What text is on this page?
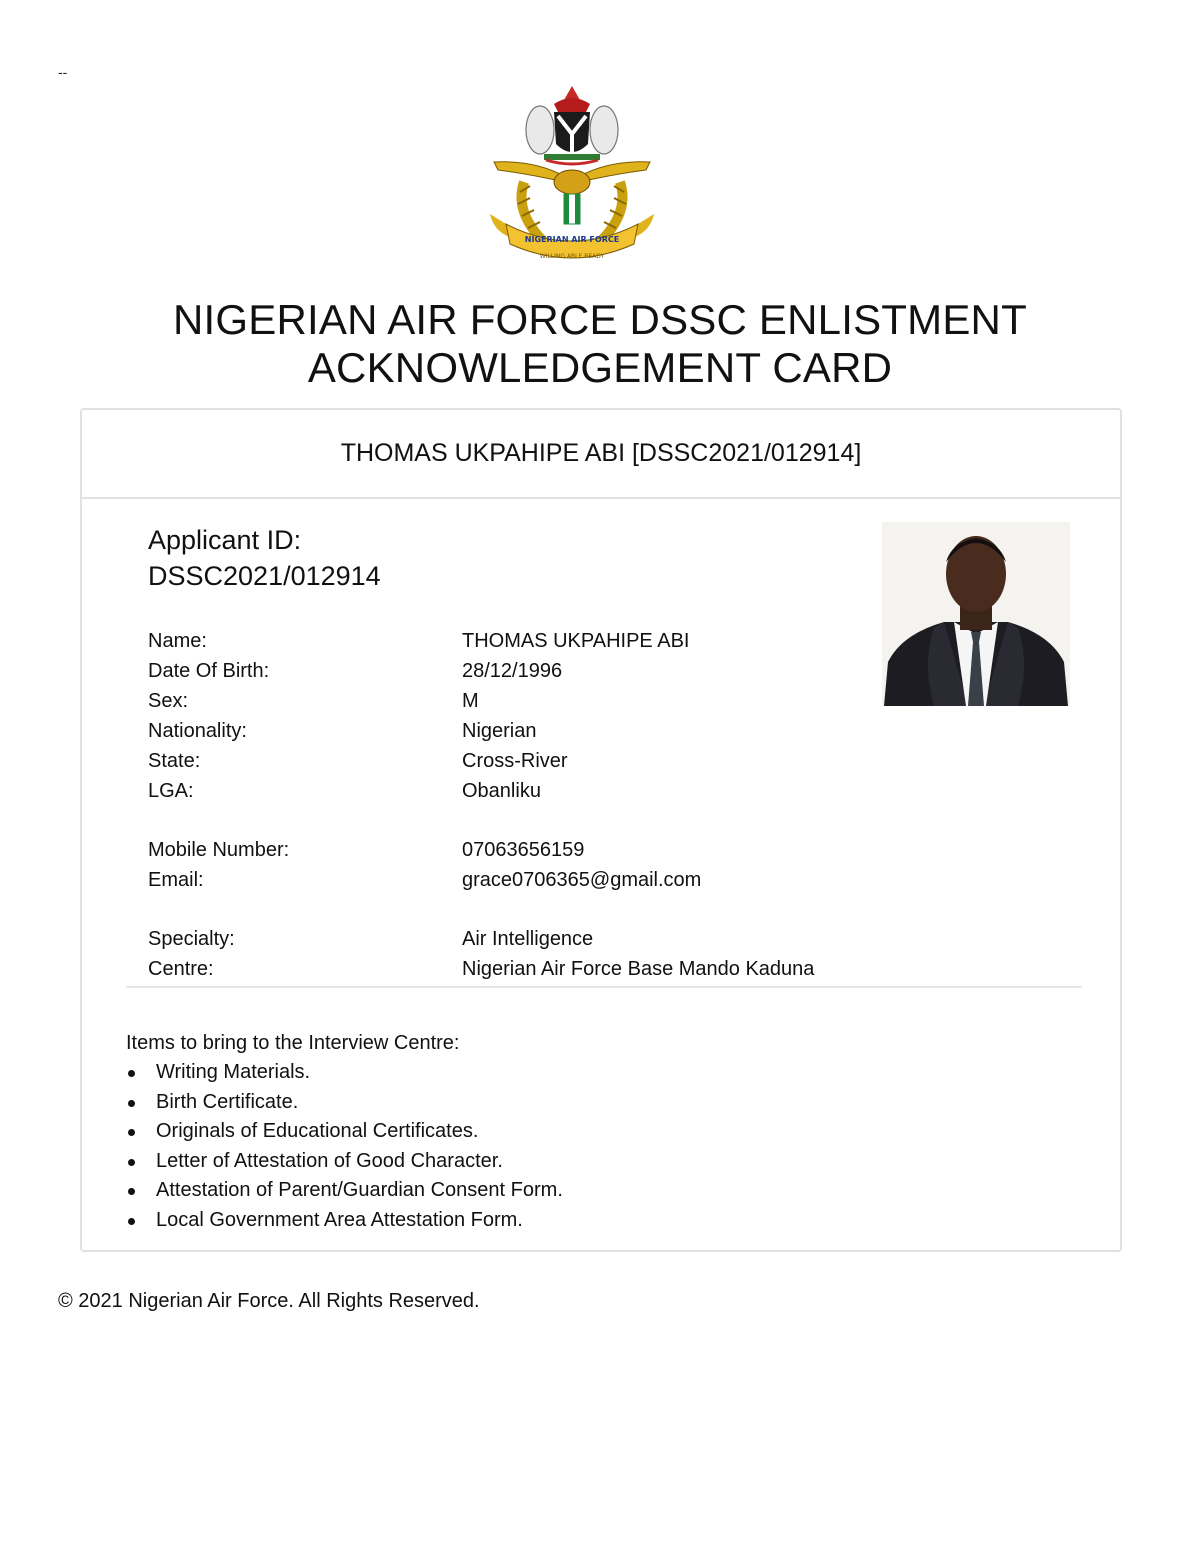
--
NIGERIAN AIR FORCE
WILLING ABLE READY
NIGERIAN AIR FORCE DSSC ENLISTMENT
ACKNOWLEDGEMENT CARD
THOMAS UKPAHIPE ABI [DSSC2021/012914]
Applicant ID:
DSSC2021/012914
Name:	THOMAS UKPAHIPE ABI
Date Of Birth:	28/12/1996
Sex:	M
Nationality:	Nigerian
State:	Cross-River
LGA:	Obanliku
Mobile Number:	07063656159
Email:	grace0706365@gmail.com
Specialty:	Air Intelligence
Centre:	Nigerian Air Force Base Mando Kaduna
Items to bring to the Interview Centre:
Writing Materials.
Birth Certificate.
Originals of Educational Certificates.
Letter of Attestation of Good Character.
Attestation of Parent/Guardian Consent Form.
Local Government Area Attestation Form.
© 2021 Nigerian Air Force. All Rights Reserved.
